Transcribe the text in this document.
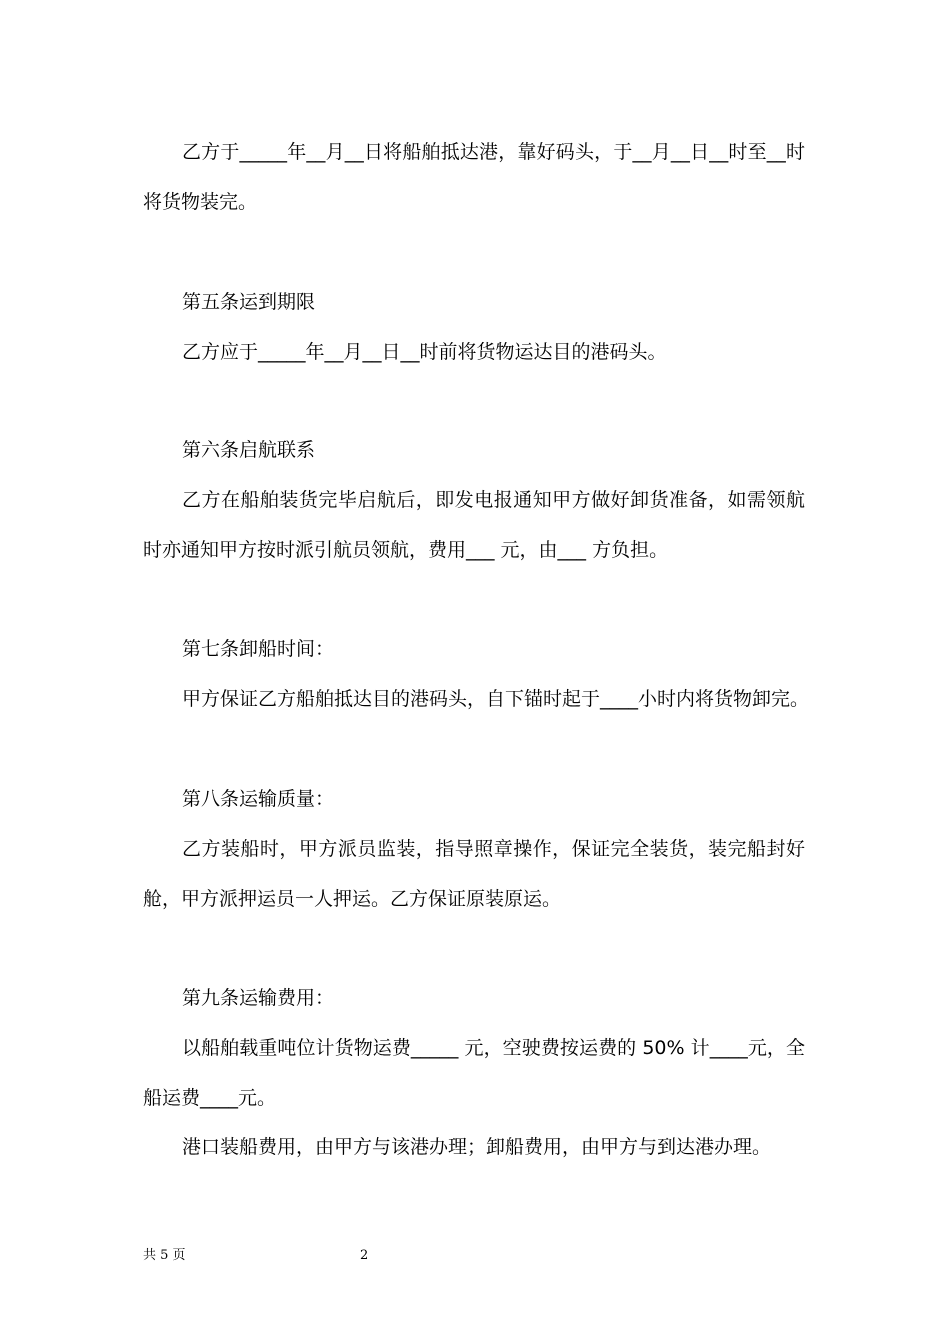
乙方于_____年__月__日将船舶抵达港，靠好码头，于__月__日__时至__时
将货物装完。
第五条运到期限
乙方应于_____年__月__日__时前将货物运达目的港码头。
第六条启航联系
乙方在船舶装货完毕启航后，即发电报通知甲方做好卸货准备，如需领航
时亦通知甲方按时派引航员领航，费用___ 元，由___ 方负担。
第七条卸船时间：
甲方保证乙方船舶抵达目的港码头，自下锚时起于____小时内将货物卸完。
第八条运输质量：
乙方装船时，甲方派员监装，指导照章操作，保证完全装货，装完船封好
舱，甲方派押运员一人押运。乙方保证原装原运。
第九条运输费用：
以船舶载重吨位计货物运费_____ 元，空驶费按运费的 50% 计____元，全
船运费____元。
港口装船费用，由甲方与该港办理；卸船费用，由甲方与到达港办理。
共 5 页	2
